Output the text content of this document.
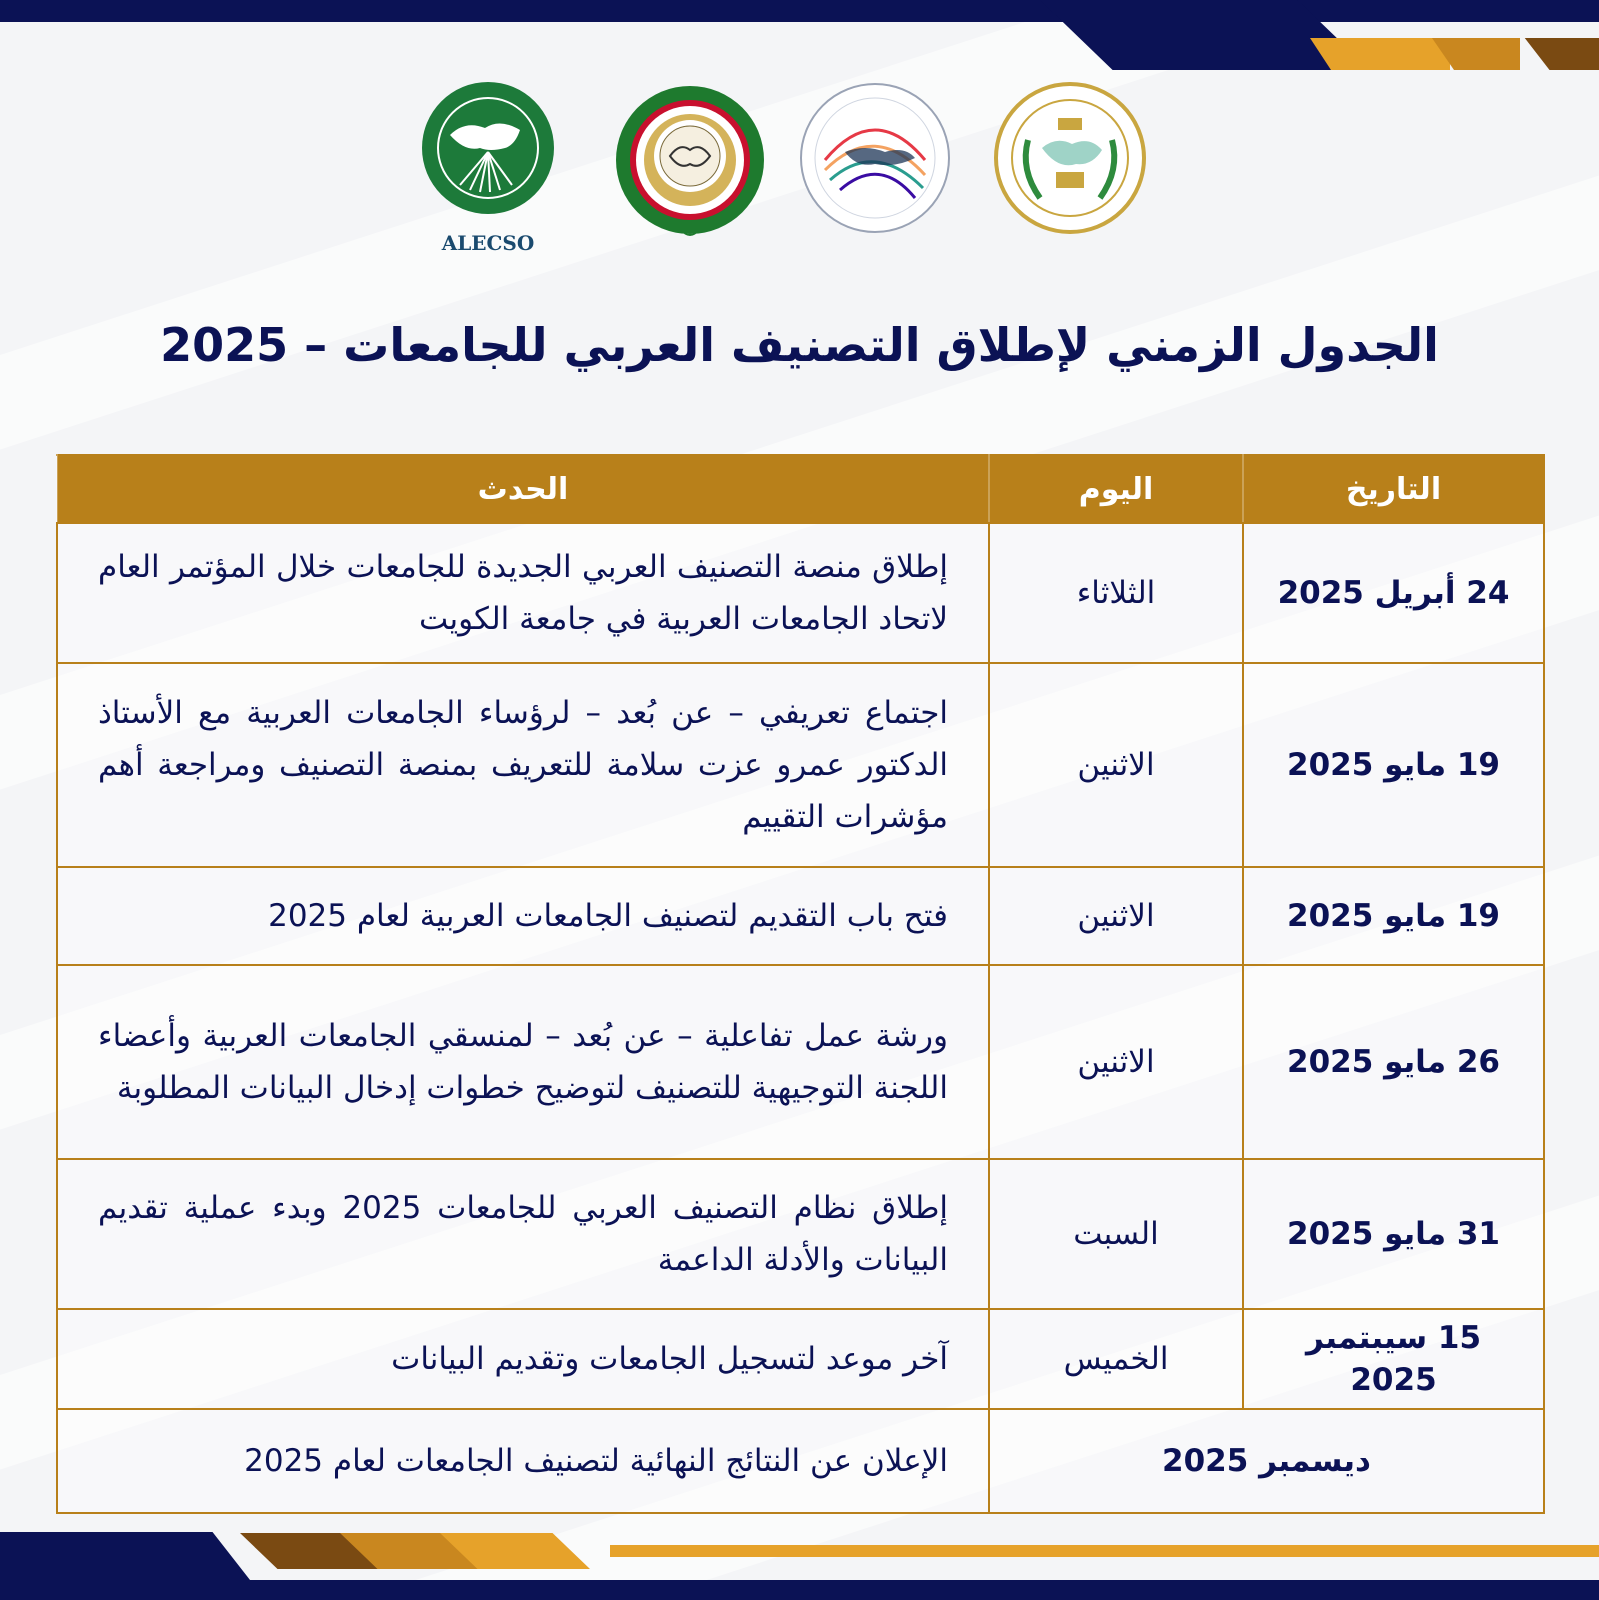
ALECSO
الجدول الزمني لإطلاق التصنيف العربي للجامعات – 2025
التاريخ	اليوم	الحدث
24 أبريل 2025	الثلاثاء	إطلاق منصة التصنيف العربي الجديدة للجامعات خلال المؤتمر العام لاتحاد الجامعات العربية في جامعة الكويت
19 مايو 2025	الاثنين	اجتماع تعريفي – عن بُعد – لرؤساء الجامعات العربية مع الأستاذ الدكتور عمرو عزت سلامة للتعريف بمنصة التصنيف ومراجعة أهم مؤشرات التقييم
19 مايو 2025	الاثنين	فتح باب التقديم لتصنيف الجامعات العربية لعام 2025
26 مايو 2025	الاثنين	ورشة عمل تفاعلية – عن بُعد – لمنسقي الجامعات العربية وأعضاء اللجنة التوجيهية للتصنيف لتوضيح خطوات إدخال البيانات المطلوبة
31 مايو 2025	السبت	إطلاق نظام التصنيف العربي للجامعات 2025 وبدء عملية تقديم البيانات والأدلة الداعمة
15 سيبتمبر 2025	الخميس	آخر موعد لتسجيل الجامعات وتقديم البيانات
ديسمبر 2025		الإعلان عن النتائج النهائية لتصنيف الجامعات لعام 2025
